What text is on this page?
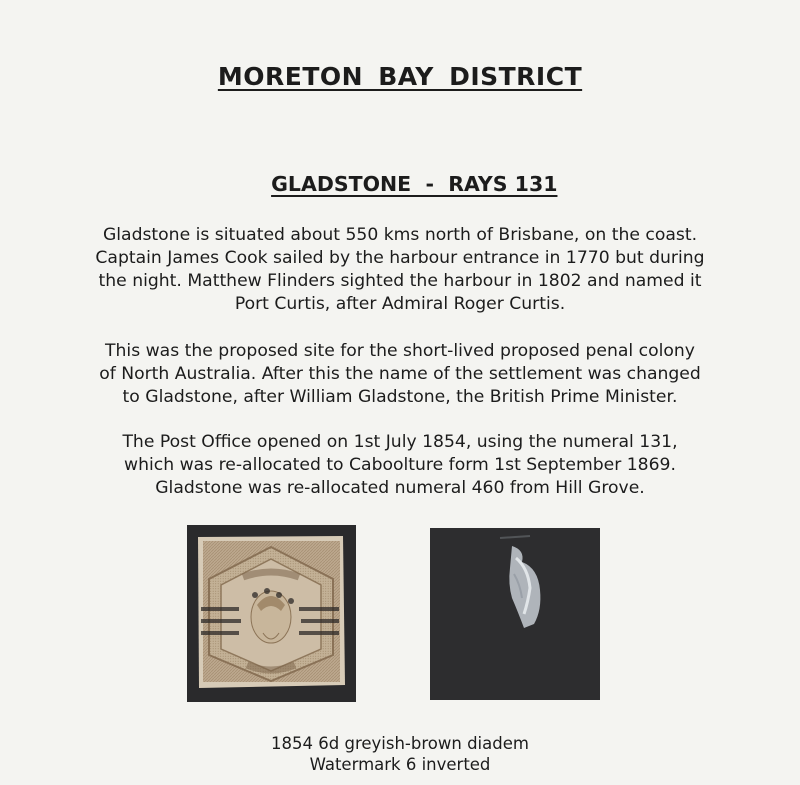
MORETON BAY DISTRICT

GLADSTONE  -  RAYS 131

Gladstone is situated about 550 kms north of Brisbane, on the coast.
Captain James Cook sailed by the harbour entrance in 1770 but during
the night. Matthew Flinders sighted the harbour in 1802 and named it
Port Curtis, after Admiral Roger Curtis.
This was the proposed site for the short-lived proposed penal colony
of North Australia. After this the name of the settlement was changed
to Gladstone, after William Gladstone, the British Prime Minister.
The Post Office opened on 1st July 1854, using the numeral 131,
which was re-allocated to Caboolture form 1st September 1869.
Gladstone was re-allocated numeral 460 from Hill Grove.
1854 6d greyish-brown diadem
Watermark 6 inverted
